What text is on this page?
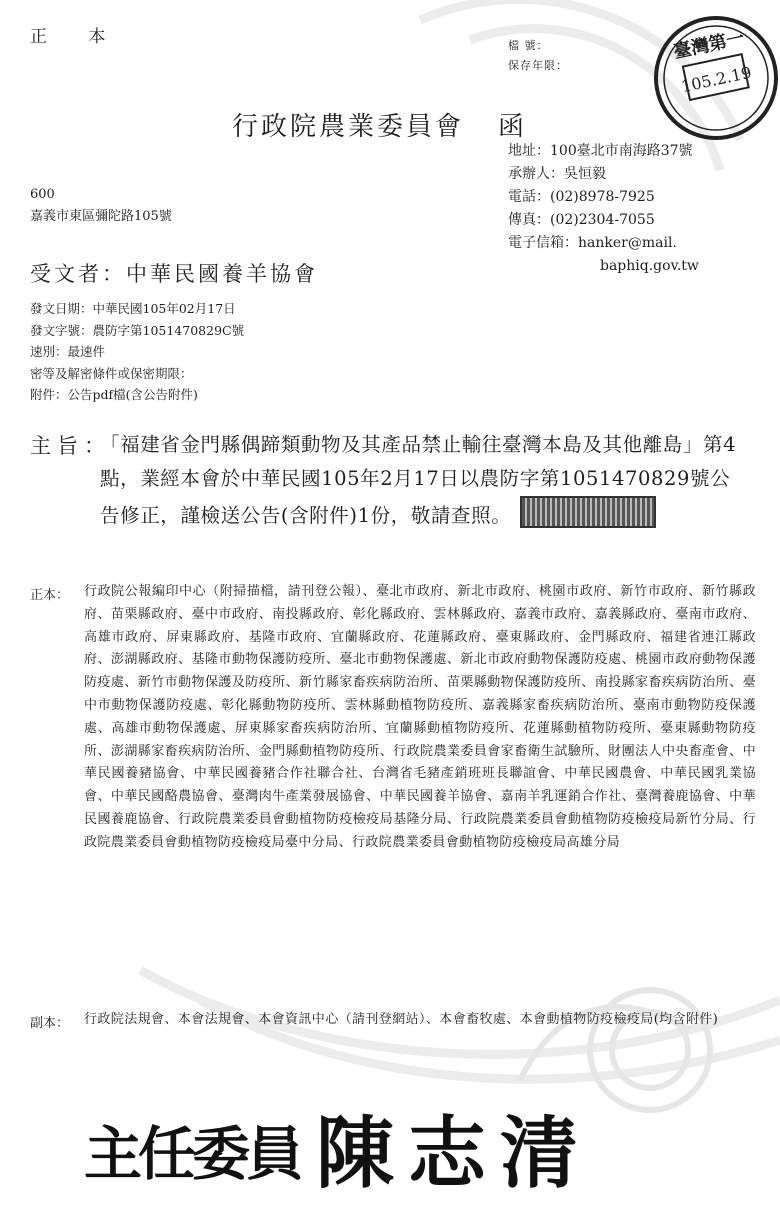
正 本	檔 號：
保存年限：
臺灣第一
105.2.19
行政院農業委員會 函
地址：100臺北市南海路37號
承辦人：吳恒毅
電話：(02)8978-7925
傳真：(02)2304-7055
電子信箱：hanker@mail.
baphiq.gov.tw
600
嘉義市東區彌陀路105號
受文者：中華民國養羊協會
發文日期：中華民國105年02月17日
發文字號：農防字第1051470829C號
速別：最速件
密等及解密條件或保密期限：
附件：公告pdf檔(含公告附件)
主旨：
「福建省金門縣偶蹄類動物及其產品禁止輸往臺灣本島及其他離島」第4點，業經本會於中華民國105年2月17日以農防字第1051470829號公告修正，謹檢送公告(含附件)1份，敬請查照。
正本： 行政院公報編印中心（附掃描檔，請刊登公報）、臺北市政府、新北市政府、桃園市政府、新竹市政府、新竹縣政府、苗栗縣政府、臺中市政府、南投縣政府、彰化縣政府、雲林縣政府、嘉義市政府、嘉義縣政府、臺南市政府、高雄市政府、屏東縣政府、基隆市政府、宜蘭縣政府、花蓮縣政府、臺東縣政府、金門縣政府、福建省連江縣政府、澎湖縣政府、基隆市動物保護防疫所、臺北市動物保護處、新北市政府動物保護防疫處、桃園市政府動物保護防疫處、新竹市動物保護及防疫所、新竹縣家畜疾病防治所、苗栗縣動物保護防疫所、南投縣家畜疾病防治所、臺中市動物保護防疫處、彰化縣動物防疫所、雲林縣動植物防疫所、嘉義縣家畜疾病防治所、臺南市動物防疫保護處、高雄市動物保護處、屏東縣家畜疾病防治所、宜蘭縣動植物防疫所、花蓮縣動植物防疫所、臺東縣動物防疫所、澎湖縣家畜疾病防治所、金門縣動植物防疫所、行政院農業委員會家畜衛生試驗所、財團法人中央畜產會、中華民國養豬協會、中華民國養豬合作社聯合社、台灣省毛豬產銷班班長聯誼會、中華民國農會、中華民國乳業協會、中華民國酪農協會、臺灣肉牛產業發展協會、中華民國養羊協會、嘉南羊乳運銷合作社、臺灣養鹿協會、中華民國養鹿協會、行政院農業委員會動植物防疫檢疫局基隆分局、行政院農業委員會動植物防疫檢疫局新竹分局、行政院農業委員會動植物防疫檢疫局臺中分局、行政院農業委員會動植物防疫檢疫局高雄分局
副本： 行政院法規會、本會法規會、本會資訊中心（請刊登網站）、本會畜牧處、本會動植物防疫檢疫局(均含附件)
主任委員 陳志清
